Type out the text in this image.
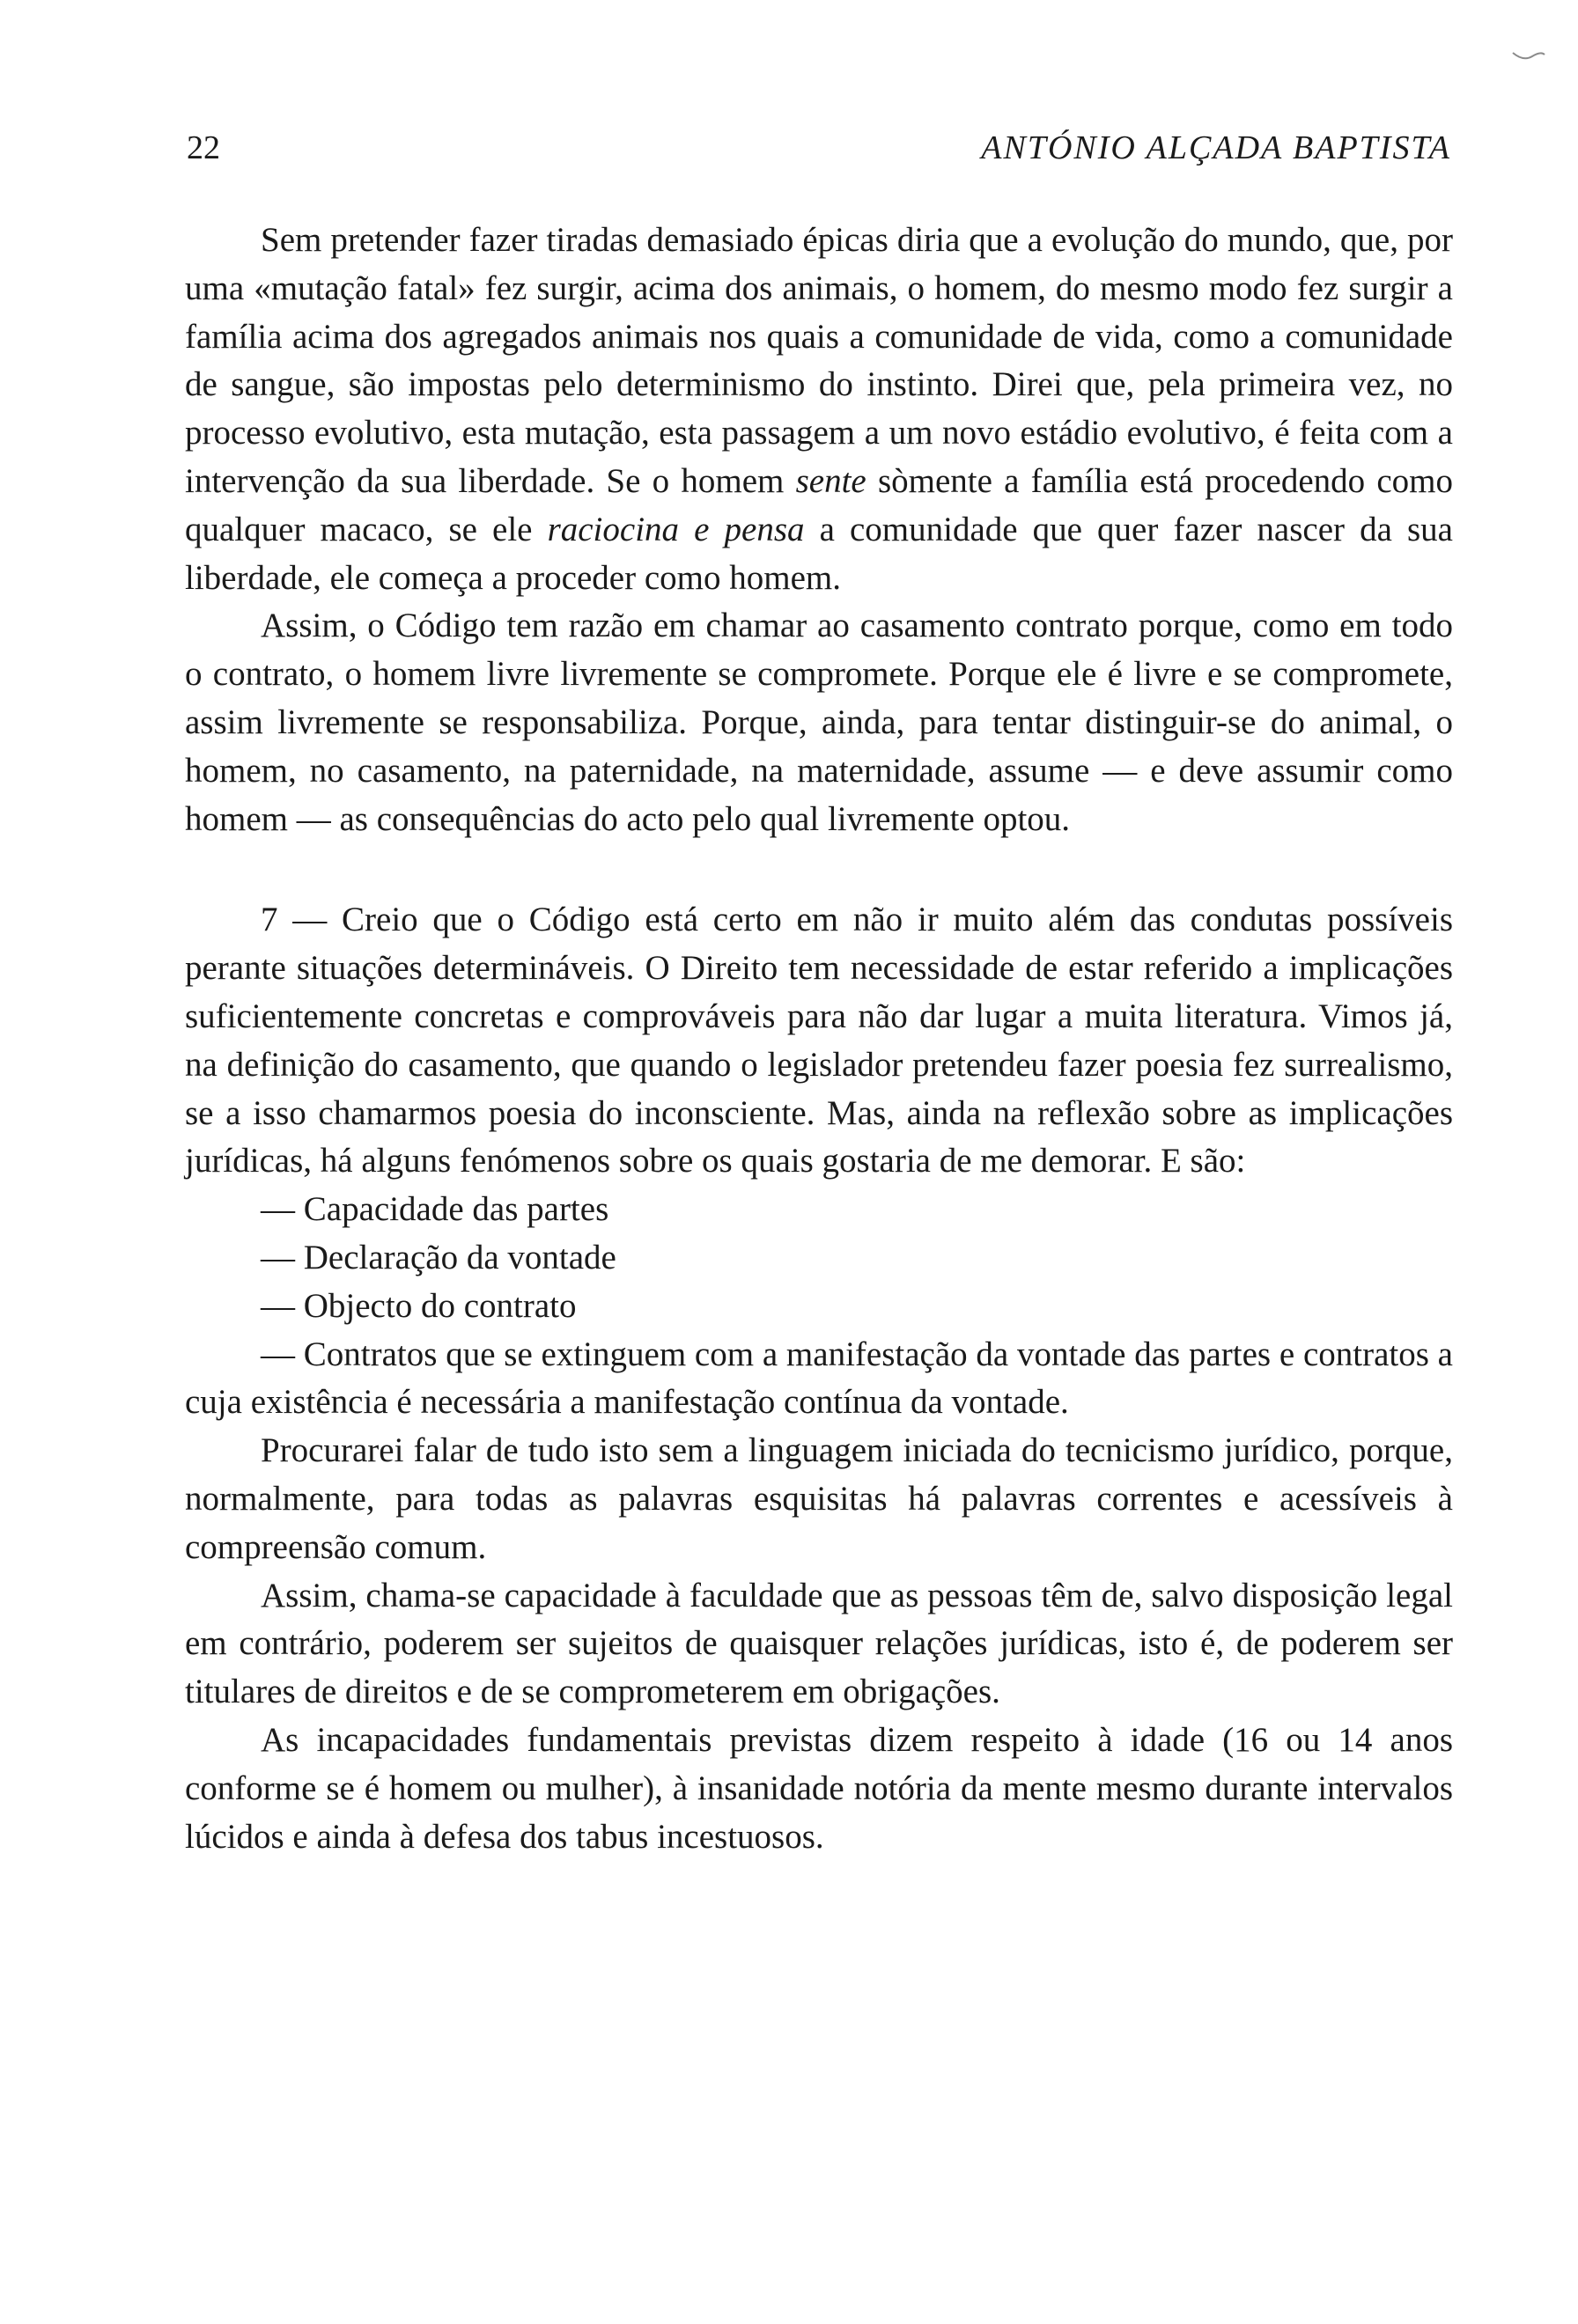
22	ANTÓNIO ALÇADA BAPTISTA

Sem pretender fazer tiradas demasiado épicas diria que a evolução do mundo, que, por uma «mutação fatal» fez surgir, acima dos animais, o homem, do mesmo modo fez surgir a família acima dos agregados animais nos quais a comunidade de vida, como a comunidade de sangue, são impostas pelo determinismo do instinto. Direi que, pela primeira vez, no processo evolutivo, esta mutação, esta passagem a um novo estádio evolutivo, é feita com a intervenção da sua liberdade. Se o homem sente sòmente a família está procedendo como qualquer macaco, se ele raciocina e pensa a comunidade que quer fazer nascer da sua liberdade, ele começa a proceder como homem.

Assim, o Código tem razão em chamar ao casamento contrato porque, como em todo o contrato, o homem livre livremente se compromete. Porque ele é livre e se compromete, assim livremente se responsabiliza. Porque, ainda, para tentar distinguir-se do animal, o homem, no casamento, na paternidade, na maternidade, assume — e deve assumir como homem — as consequências do acto pelo qual livremente optou.

7 — Creio que o Código está certo em não ir muito além das condutas possíveis perante situações determináveis. O Direito tem necessidade de estar referido a implicações suficientemente concretas e comprováveis para não dar lugar a muita literatura. Vimos já, na definição do casamento, que quando o legislador pretendeu fazer poesia fez surrealismo, se a isso chamarmos poesia do inconsciente. Mas, ainda na reflexão sobre as implicações jurídicas, há alguns fenómenos sobre os quais gostaria de me demorar. E são:

— Capacidade das partes

— Declaração da vontade

— Objecto do contrato

— Contratos que se extinguem com a manifestação da vontade das partes e contratos a cuja existência é necessária a manifestação contínua da vontade.

Procurarei falar de tudo isto sem a linguagem iniciada do tecnicismo jurídico, porque, normalmente, para todas as palavras esquisitas há palavras correntes e acessíveis à compreensão comum.

Assim, chama-se capacidade à faculdade que as pessoas têm de, salvo disposição legal em contrário, poderem ser sujeitos de quaisquer relações jurídicas, isto é, de poderem ser titulares de direitos e de se comprometerem em obrigações.

As incapacidades fundamentais previstas dizem respeito à idade (16 ou 14 anos conforme se é homem ou mulher), à insanidade notória da mente mesmo durante intervalos lúcidos e ainda à defesa dos tabus incestuosos.
